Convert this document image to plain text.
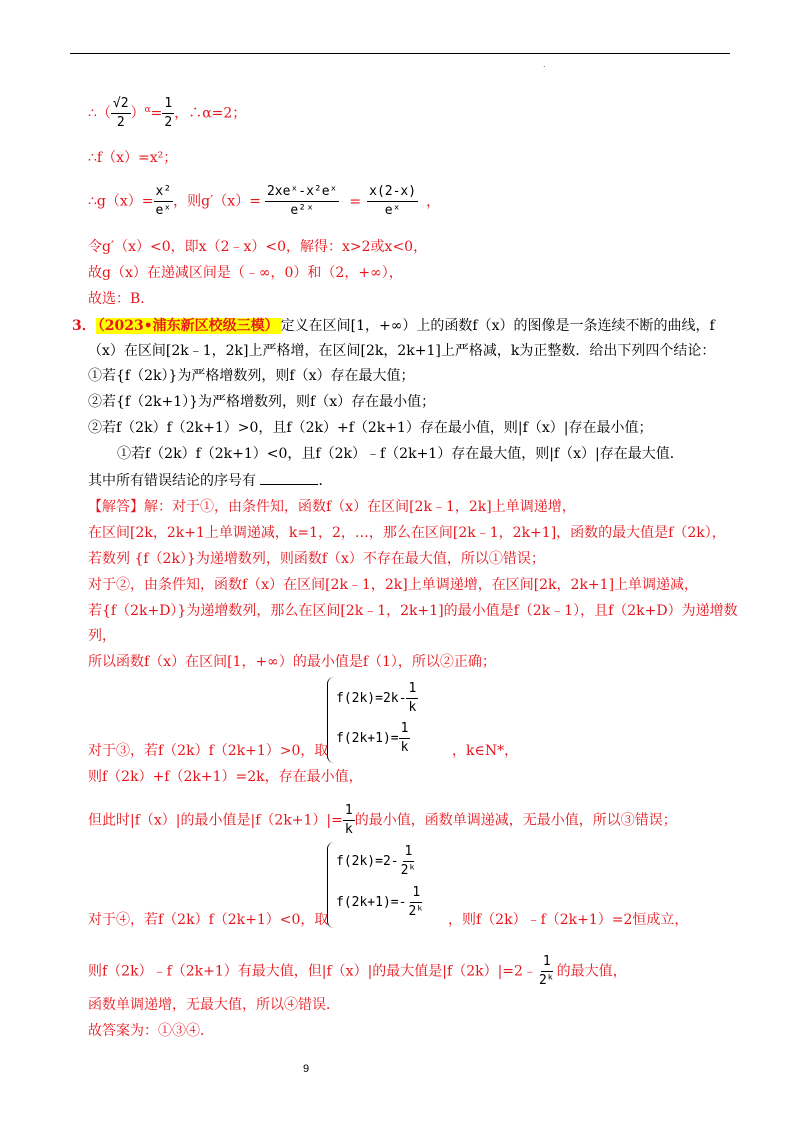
.
∴（ $\frac{√2}{2} )^\alpha= \frac{1}{2}$ ，∴α=2；
∴f（x）=x²；
∴g（x）= $\frac{\text{x²}}{\text{eˣ}}$ ，则$g'(x)= \frac{\text{2xeˣ-x²eˣ}}{\text{e²ˣ}} = \frac{x(2-x)}{\text{eˣ}}$ ，
令g′（x）<0，即x（2﹣x）<0，解得：x>2或x<0，
故g（x）在递减区间是（﹣∞，0）和（2，+∞），
故选：B．
3． （2023•浦东新区校级三模） 定义在区间[1，+∞）上的函数f（x）的图像是一条连续不断的曲线，f
（x）在区间[2k﹣1，2k]上严格增，在区间[2k，2k+1]上严格减，k为正整数．给出下列四个结论：
①若{f（2k）}为严格增数列，则f（x）存在最大值；
②若{f（2k+1）}为严格增数列，则f（x）存在最小值；
②若f（2k）f（2k+1）>0，且f（2k）+f（2k+1）存在最小值，则|f（x）|存在最小值；
①若f（2k）f（2k+1）<0，且f（2k）﹣f（2k+1）存在最大值，则|f（x）|存在最大值．
其中所有错误结论的序号有	．
【解答】解：对于①，由条件知，函数f（x）在区间[2k﹣1，2k]上单调递增，
在区间[2k，2k+1上单调递减，k=1，2，…，那么在区间[2k﹣1，2k+1]，函数的最大值是f（2k），
若数列 {f（2k）}为递增数列，则函数f（x）不存在最大值，所以①错误；
对于②，由条件知，函数f（x）在区间[2k﹣1，2k]上单调递增，在区间[2k，2k+1]上单调递减，
若{f（2k+D）}为递增数列，那么在区间[2k﹣1，2k+1]的最小值是f（2k﹣1），且f（2k+D）为递增数
列，
所以函数f（x）在区间[1，+∞）的最小值是f（1），所以②正确；
$f(2k)=2k- \frac{1}{k}$
$f(2k+1)= \frac{1}{k}$
对于③，若f（2k）f（2k+1）>0，取	，k∈N*，
则f（2k）+f（2k+1）=2k，存在最小值，
但此时|f（x）|的最小值是$|f(2k+1)|= \frac{1}{k}$ 的最小值，函数单调递减，无最小值，所以③错误；
$f(2k)=2- \frac{1}{\text{2ᵏ}}$
$f(2k+1)=- \frac{1}{\text{2ᵏ}}$
对于④，若f（2k）f（2k+1）<0，取	，则f（2k）﹣f（2k+1）=2恒成立，
则f（2k）﹣f（2k+1）有最大值，但|f（x）|的最大值是|f（2k）|=2﹣ $\frac{1}{\text{2ᵏ}}$ 的最大值，
函数单调递增，无最大值，所以④错误．
故答案为：①③④．
9
